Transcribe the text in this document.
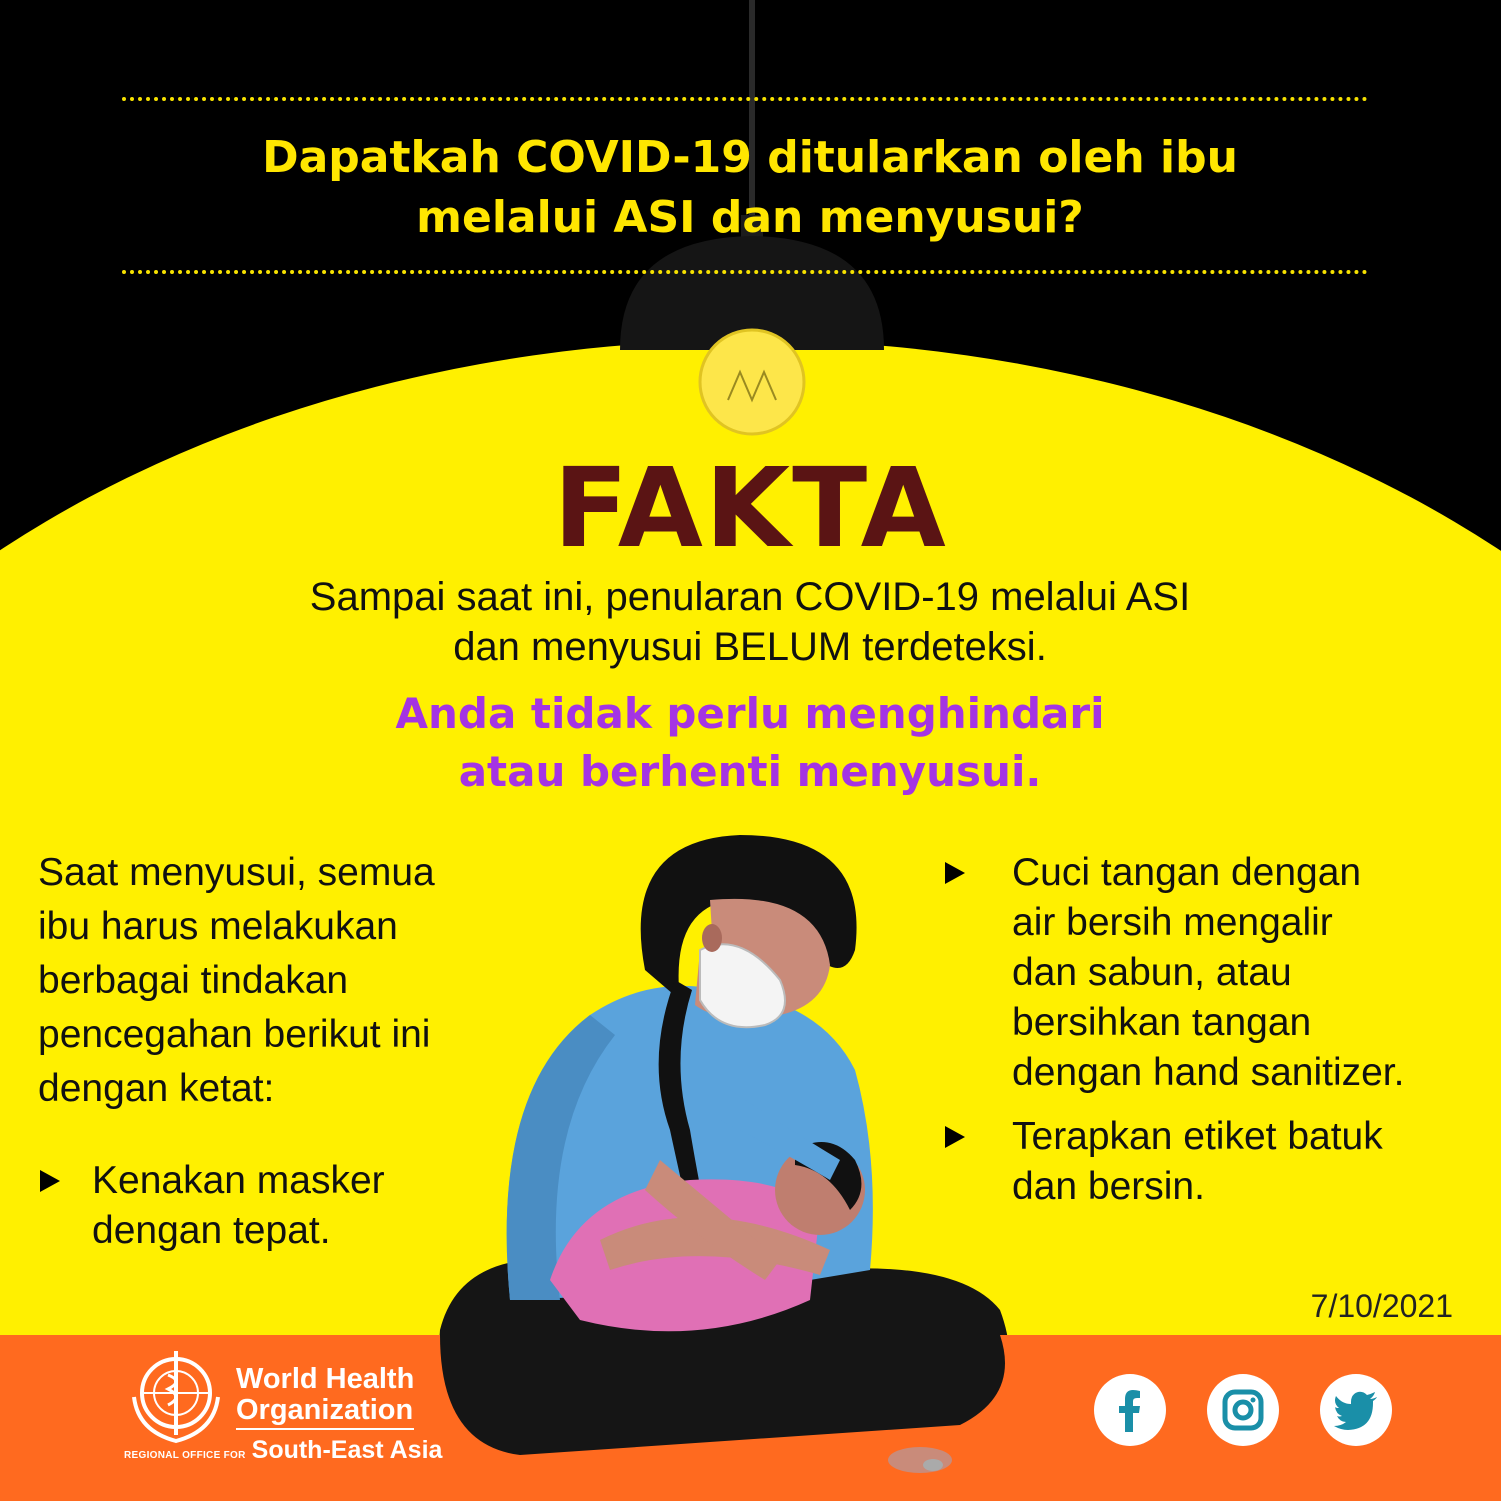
Dapatkah COVID-19 ditularkan oleh ibu
melalui ASI dan menyusui?
FAKTA
Sampai saat ini, penularan COVID-19 melalui ASI
dan menyusui BELUM terdeteksi.
Anda tidak perlu menghindari
atau berhenti menyusui.
Saat menyusui, semua
ibu harus melakukan
berbagai tindakan
pencegahan berikut ini
dengan ketat:
Kenakan masker
dengan tepat.
Cuci tangan dengan
air bersih mengalir
dan sabun, atau
bersihkan tangan
dengan hand sanitizer.
Terapkan etiket batuk
dan bersin.
7/10/2021
World Health
Organization
REGIONAL OFFICE FOR South-East Asia
